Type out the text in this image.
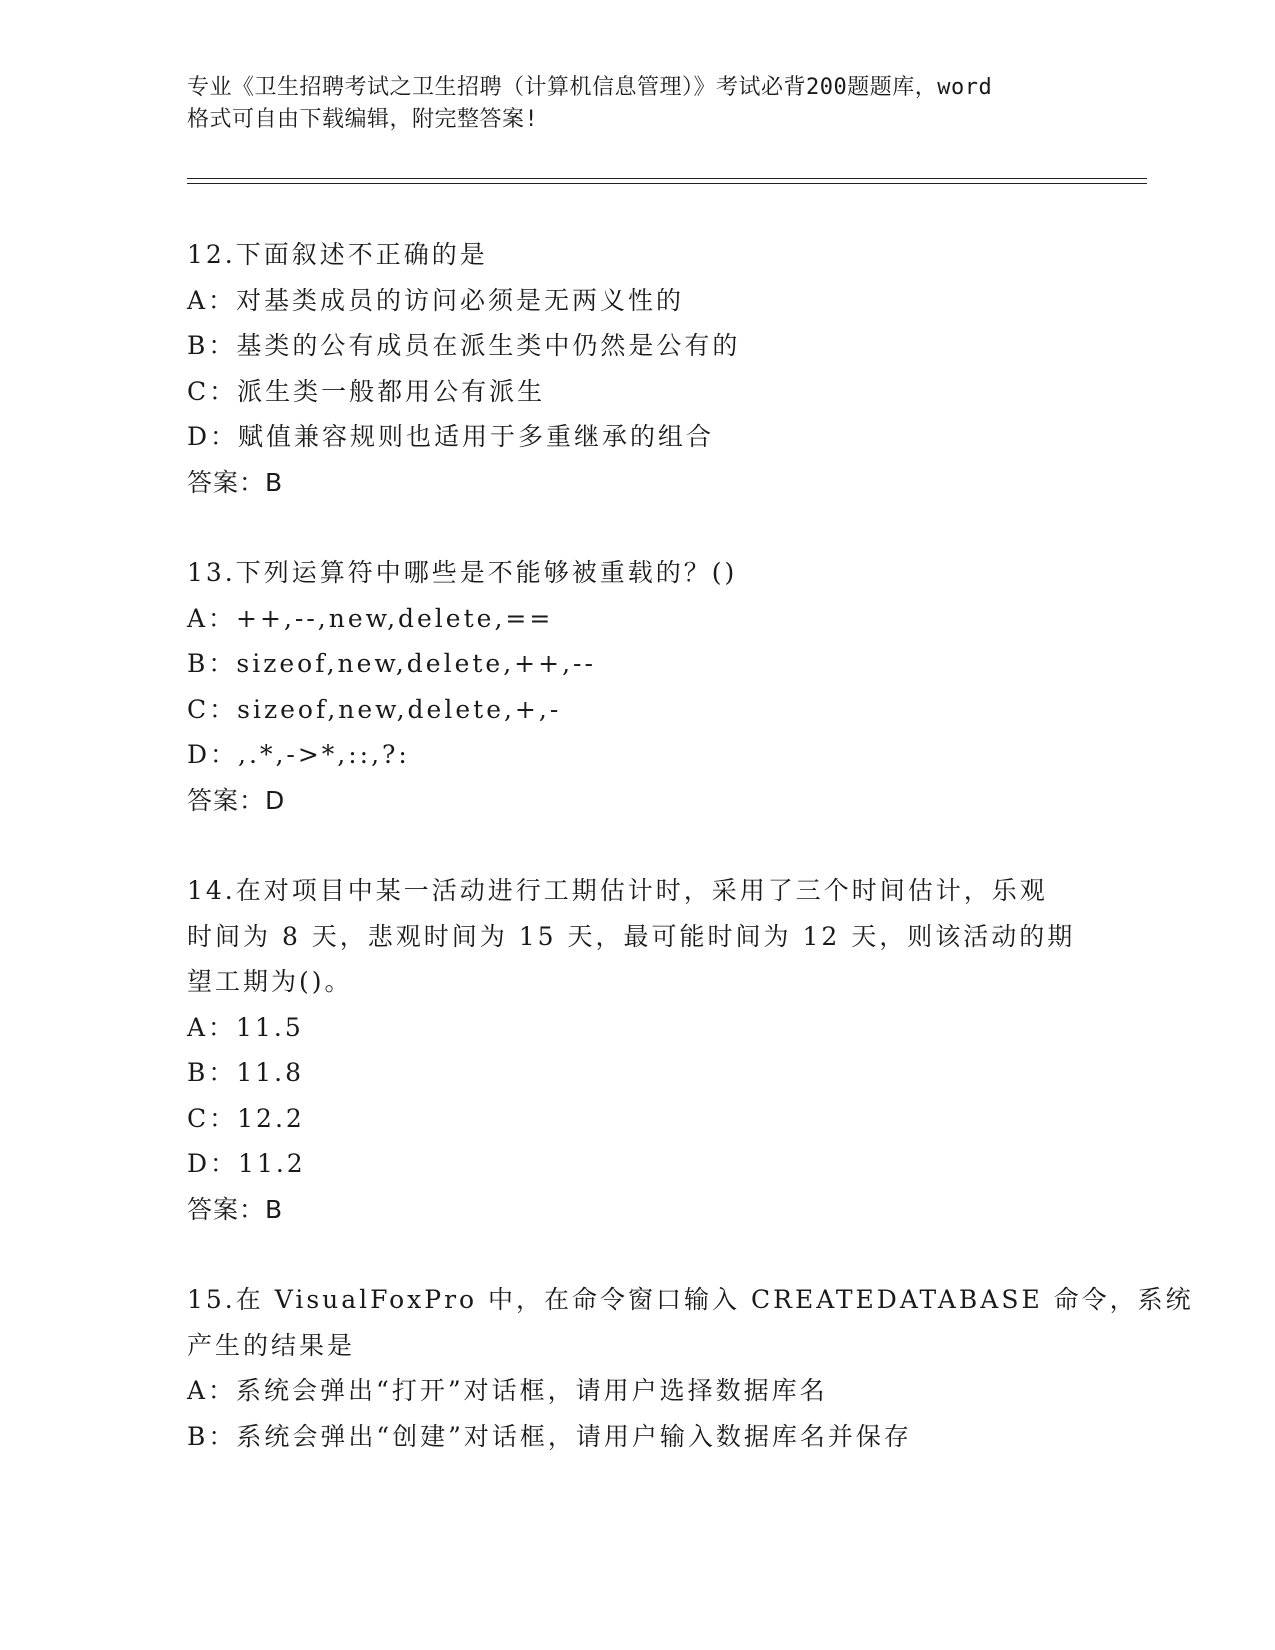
专业《卫生招聘考试之卫生招聘（计算机信息管理）》考试必背200题题库，word
格式可自由下载编辑，附完整答案!
12.下面叙述不正确的是
A：对基类成员的访问必须是无两义性的
B：基类的公有成员在派生类中仍然是公有的
C：派生类一般都用公有派生
D：赋值兼容规则也适用于多重继承的组合
答案：B
13.下列运算符中哪些是不能够被重载的？()
A：++,--,new,delete,==
B：sizeof,new,delete,++,--
C：sizeof,new,delete,+,-
D：,.*,->*,::,?:
答案：D
14.在对项目中某一活动进行工期估计时，采用了三个时间估计，乐观
时间为 8 天，悲观时间为 15 天，最可能时间为 12 天，则该活动的期
望工期为()。
A：11.5
B：11.8
C：12.2
D：11.2
答案：B
15.在 VisualFoxPro 中，在命令窗口输入 CREATEDATABASE 命令，系统
产生的结果是
A：系统会弹出“打开”对话框，请用户选择数据库名
B：系统会弹出“创建”对话框，请用户输入数据库名并保存
